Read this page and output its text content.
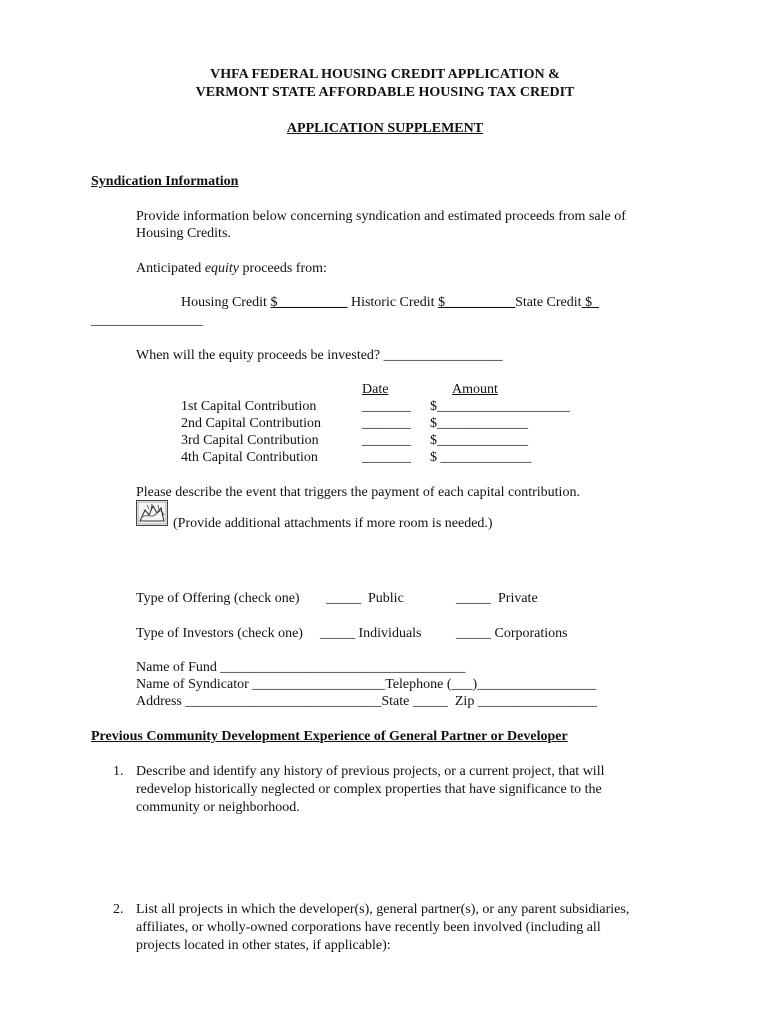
VHFA FEDERAL HOUSING CREDIT APPLICATION &
VERMONT STATE AFFORDABLE HOUSING TAX CREDIT
APPLICATION SUPPLEMENT
Syndication Information
Provide information below concerning syndication and estimated proceeds from sale of
Housing Credits.
Anticipated equity proceeds from:
Housing Credit $__________ Historic Credit $__________State Credit $
________________
When will the equity proceeds be invested? _________________
Date	Amount
1st Capital Contribution	_______ $___________________
2nd Capital Contribution	_______ $_____________
3rd Capital Contribution	_______ $_____________
4th Capital Contribution	_______ $ _____________
Please describe the event that triggers the payment of each capital contribution.
(Provide additional attachments if more room is needed.)
Type of Offering (check one) _____  Public	_____  Private
Type of Investors (check one) _____ Individuals _____ Corporations
Name of Fund ___________________________________
Name of Syndicator ___________________Telephone (___)_________________
Address ____________________________State _____  Zip _________________
Previous Community Development Experience of General Partner or Developer
1. Describe and identify any history of previous projects, or a current project, that will
redevelop historically neglected or complex properties that have significance to the
community or neighborhood.
2. List all projects in which the developer(s), general partner(s), or any parent subsidiaries,
affiliates, or wholly-owned corporations have recently been involved (including all
projects located in other states, if applicable):
